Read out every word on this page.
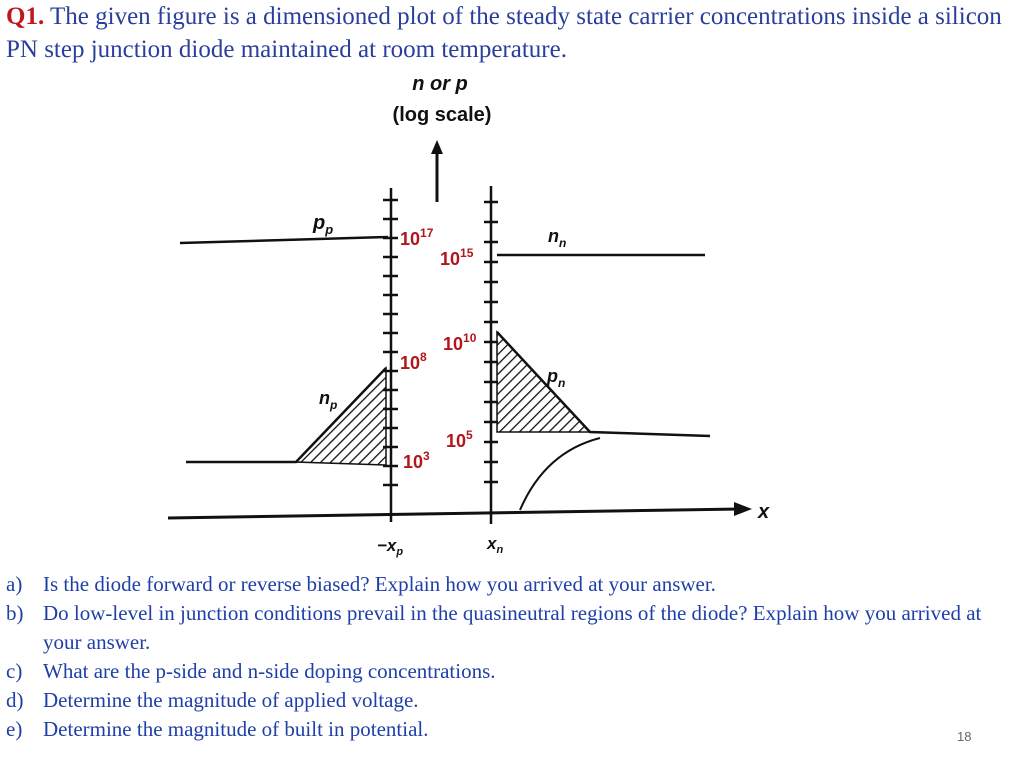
Q1. The given figure is a dimensioned plot of the steady state carrier concentrations inside a silicon PN step junction diode maintained at room temperature.

n or p
(log scale)
x
$p_p$	$n_n$
$n_p$
$p_n$
$10^{17}$
$10^{15}$
$10^{10}$
$10^8$
$10^5$
$10^3$
$-x_p$	$x_n$
a) Is the diode forward or reverse biased? Explain how you arrived at your answer.
b) Do low-level in junction conditions prevail in the quasineutral regions of the diode? Explain how you arrived at your answer.
c) What are the p-side and n-side doping concentrations.
d) Determine the magnitude of applied voltage.
e) Determine the magnitude of built in potential.	18
